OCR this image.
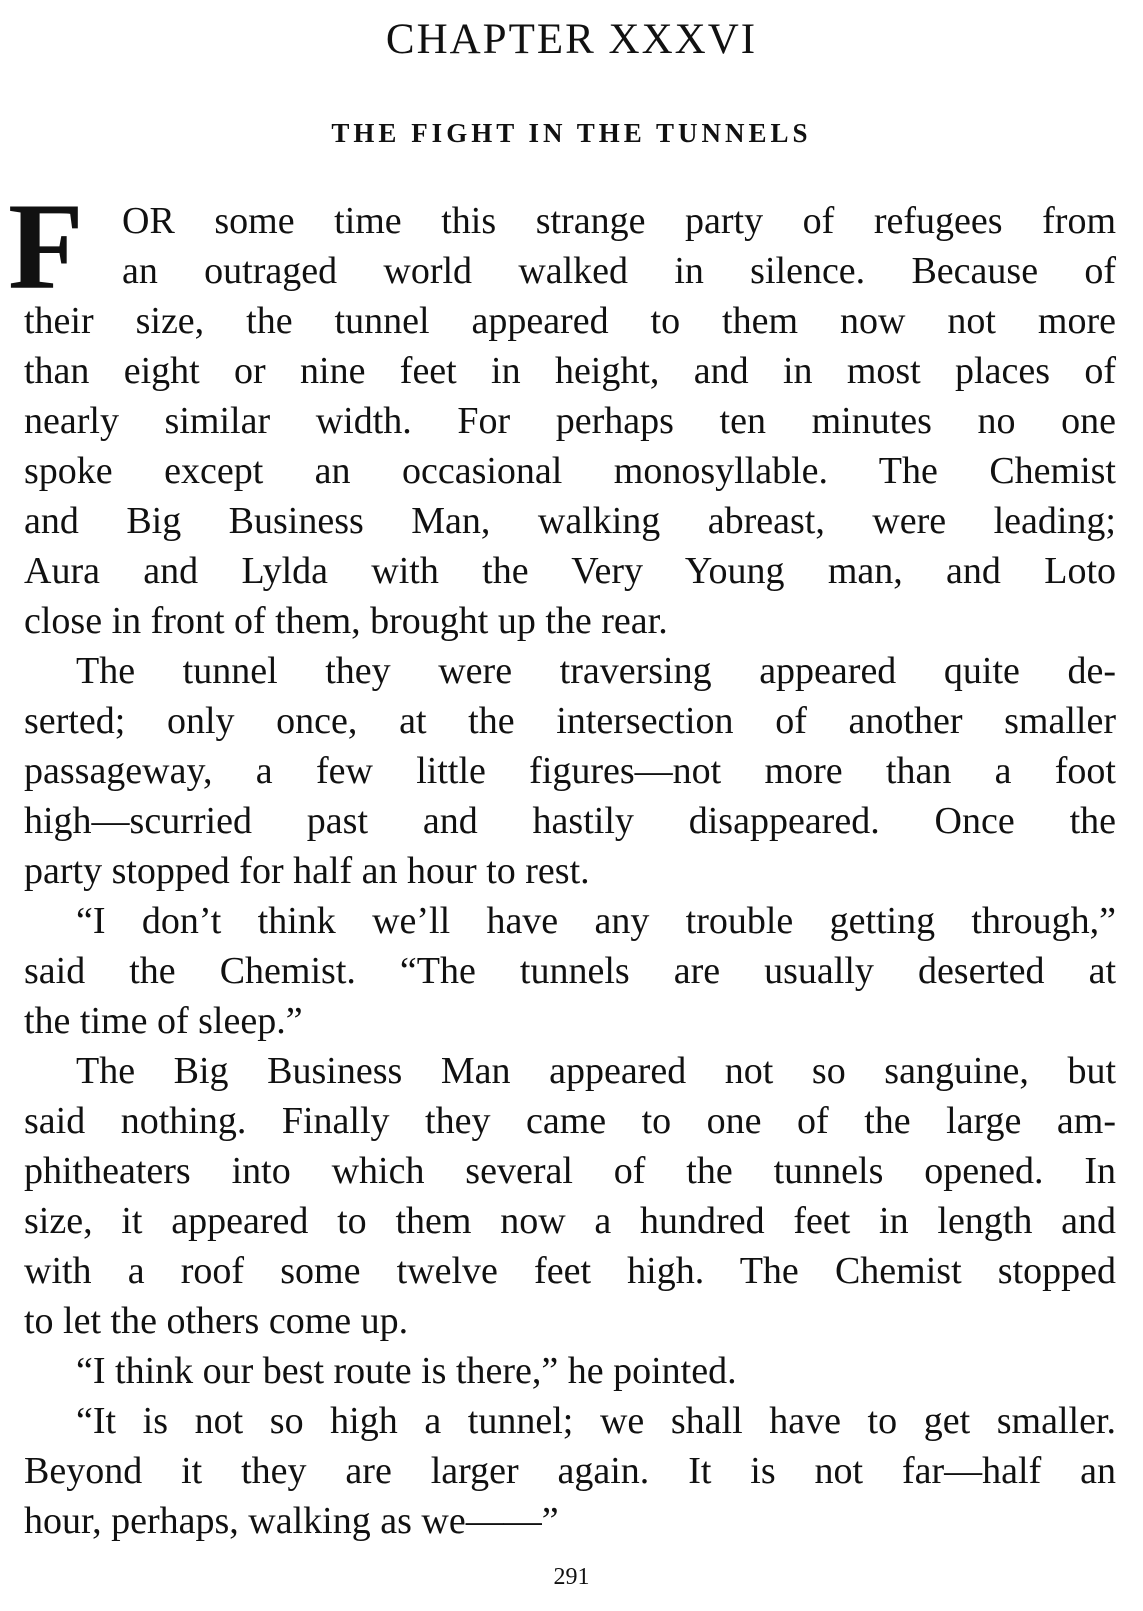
CHAPTER XXXVI
THE FIGHT IN THE TUNNELS
F	OR some time this strange party of refugees from
an outraged world walked in silence. Because of
their size, the tunnel appeared to them now not more
than eight or nine feet in height, and in most places of
nearly similar width. For perhaps ten minutes no one
spoke except an occasional monosyllable. The Chemist
and Big Business Man, walking abreast, were leading;
Aura and Lylda with the Very Young man, and Loto
close in front of them, brought up the rear.
The tunnel they were traversing appeared quite de-
serted; only once, at the intersection of another smaller
passageway, a few little figures—not more than a foot
high—scurried past and hastily disappeared. Once the
party stopped for half an hour to rest.
“I don’t think we’ll have any trouble getting through,”
said the Chemist. “The tunnels are usually deserted at
the time of sleep.”
The Big Business Man appeared not so sanguine, but
said nothing. Finally they came to one of the large am-
phitheaters into which several of the tunnels opened. In
size, it appeared to them now a hundred feet in length and
with a roof some twelve feet high. The Chemist stopped
to let the others come up.
“I think our best route is there,” he pointed.
“It is not so high a tunnel; we shall have to get smaller.
Beyond it they are larger again. It is not far—half an
hour, perhaps, walking as we——”
291
